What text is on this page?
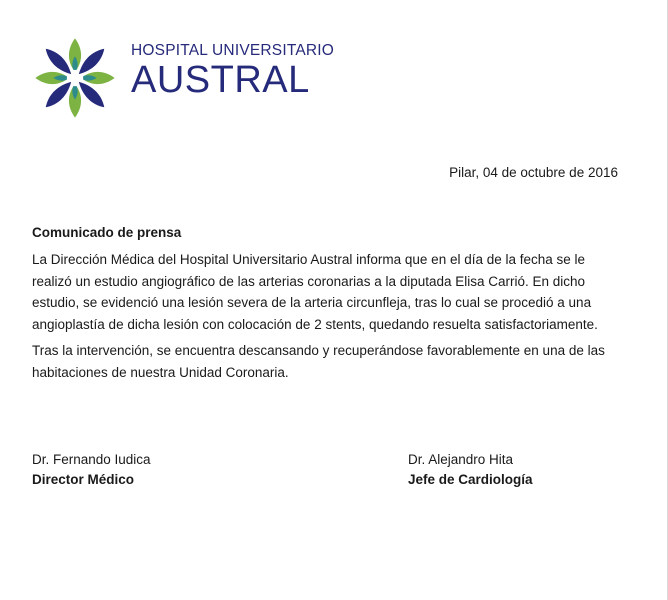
HOSPITAL UNIVERSITARIO
AUSTRAL
Pilar, 04 de octubre de 2016
Comunicado de prensa
La Dirección Médica del Hospital Universitario Austral informa que en el día de la fecha se le
realizó un estudio angiográfico de las arterias coronarias a la diputada Elisa Carrió. En dicho
estudio, se evidenció una lesión severa de la arteria circunfleja, tras lo cual se procedió a una
angioplastía de dicha lesión con colocación de 2 stents, quedando resuelta satisfactoriamente.
Tras la intervención, se encuentra descansando y recuperándose favorablemente en una de las
habitaciones de nuestra Unidad Coronaria.
Dr. Fernando Iudica
Director Médico
Dr. Alejandro Hita
Jefe de Cardiología
